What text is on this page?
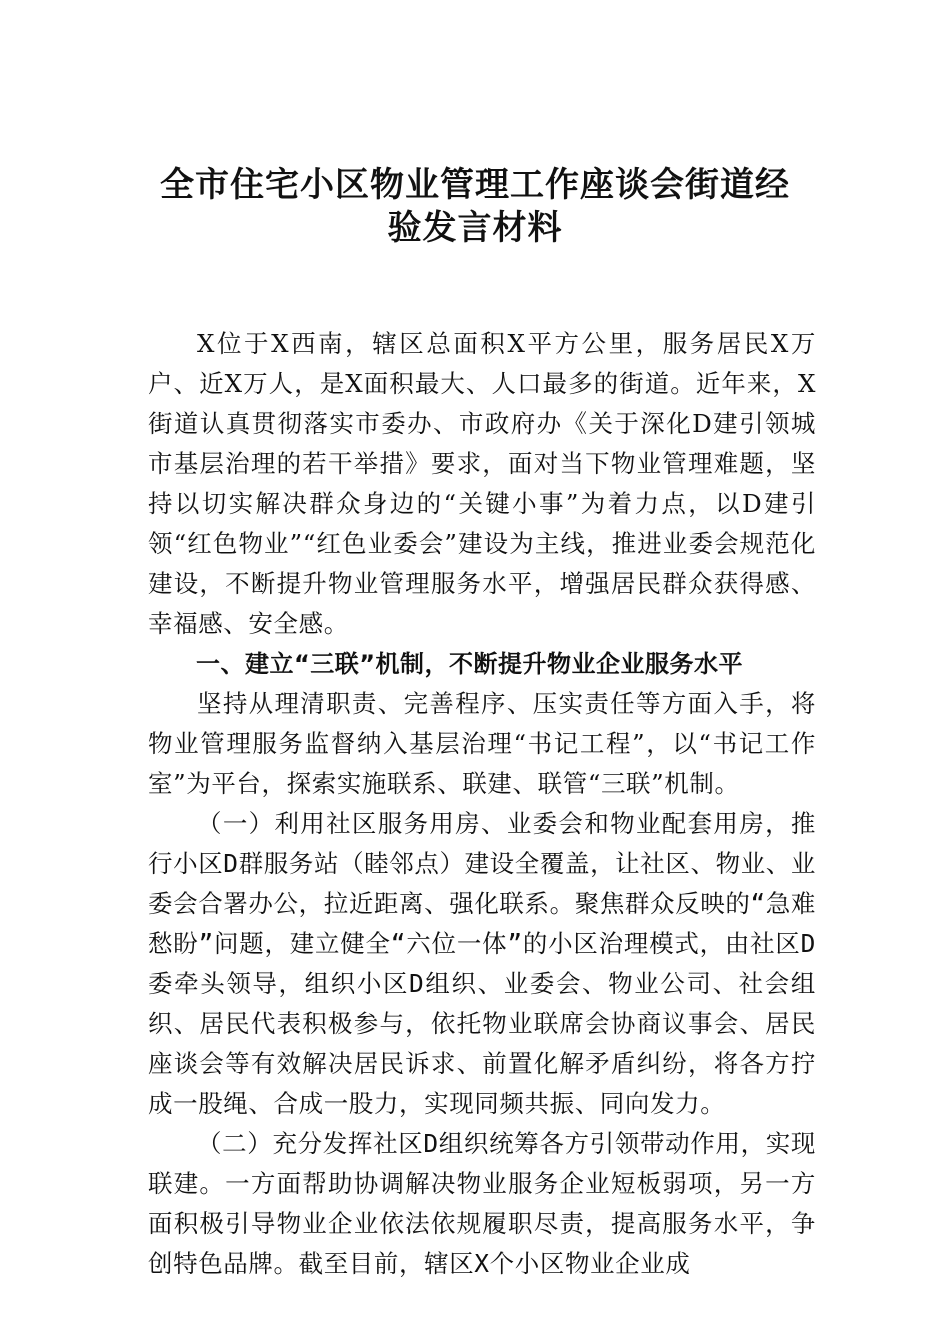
全市住宅小区物业管理工作座谈会街道经
验发言材料

X位于X西南，辖区总面积X平方公里，服务居民X万户、近X万人，是X面积最大、人口最多的街道。近年来，X街道认真贯彻落实市委办、市政府办《关于深化D建引领城市基层治理的若干举措》要求，面对当下物业管理难题，坚持以切实解决群众身边的“关键小事”为着力点，以D建引领“红色物业”“红色业委会”建设为主线，推进业委会规范化建设，不断提升物业管理服务水平，增强居民群众获得感、幸福感、安全感。

一、建立“三联”机制，不断提升物业企业服务水平

坚持从理清职责、完善程序、压实责任等方面入手，将物业管理服务监督纳入基层治理“书记工程”，以“书记工作室”为平台，探索实施联系、联建、联管“三联”机制。

（一）利用社区服务用房、业委会和物业配套用房，推行小区D群服务站（睦邻点）建设全覆盖，让社区、物业、业委会合署办公，拉近距离、强化联系。聚焦群众反映的“急难愁盼”问题，建立健全“六位一体”的小区治理模式，由社区D委牵头领导，组织小区D组织、业委会、物业公司、社会组织、居民代表积极参与，依托物业联席会协商议事会、居民座谈会等有效解决居民诉求、前置化解矛盾纠纷，将各方拧成一股绳、合成一股力，实现同频共振、同向发力。

（二）充分发挥社区D组织统筹各方引领带动作用，实现联建。一方面帮助协调解决物业服务企业短板弱项，另一方面积极引导物业企业依法依规履职尽责，提高服务水平，争创特色品牌。截至目前，辖区X个小区物业企业成
